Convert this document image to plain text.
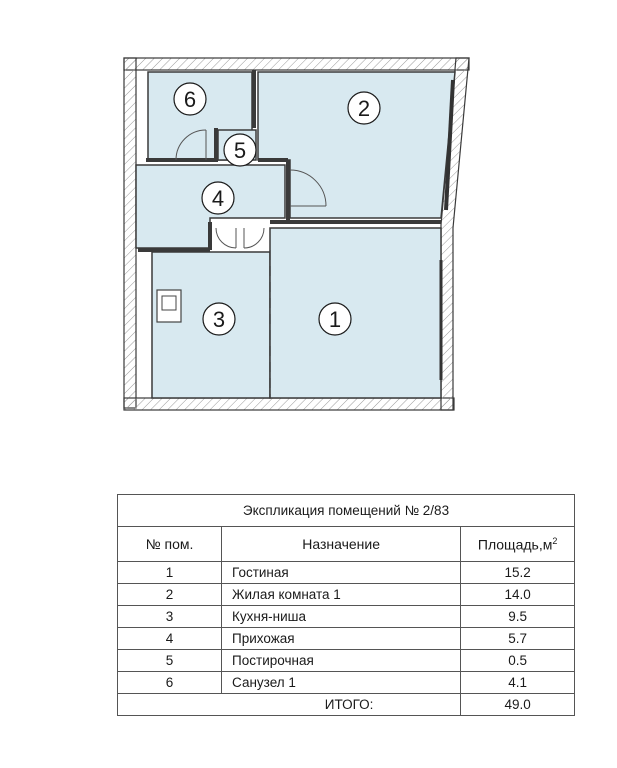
6	2
5
4
3	1
Экспликация помещений № 2/83		
№ пом.	Назначение	$Площадь,м^2$
1	Гостиная	15.2
2	Жилая комната 1	14.0
3	Кухня-ниша	9.5
4	Прихожая	5.7
5	Постирочная	0.5
6	Санузел 1	4.1
ИТОГО:		49.0
